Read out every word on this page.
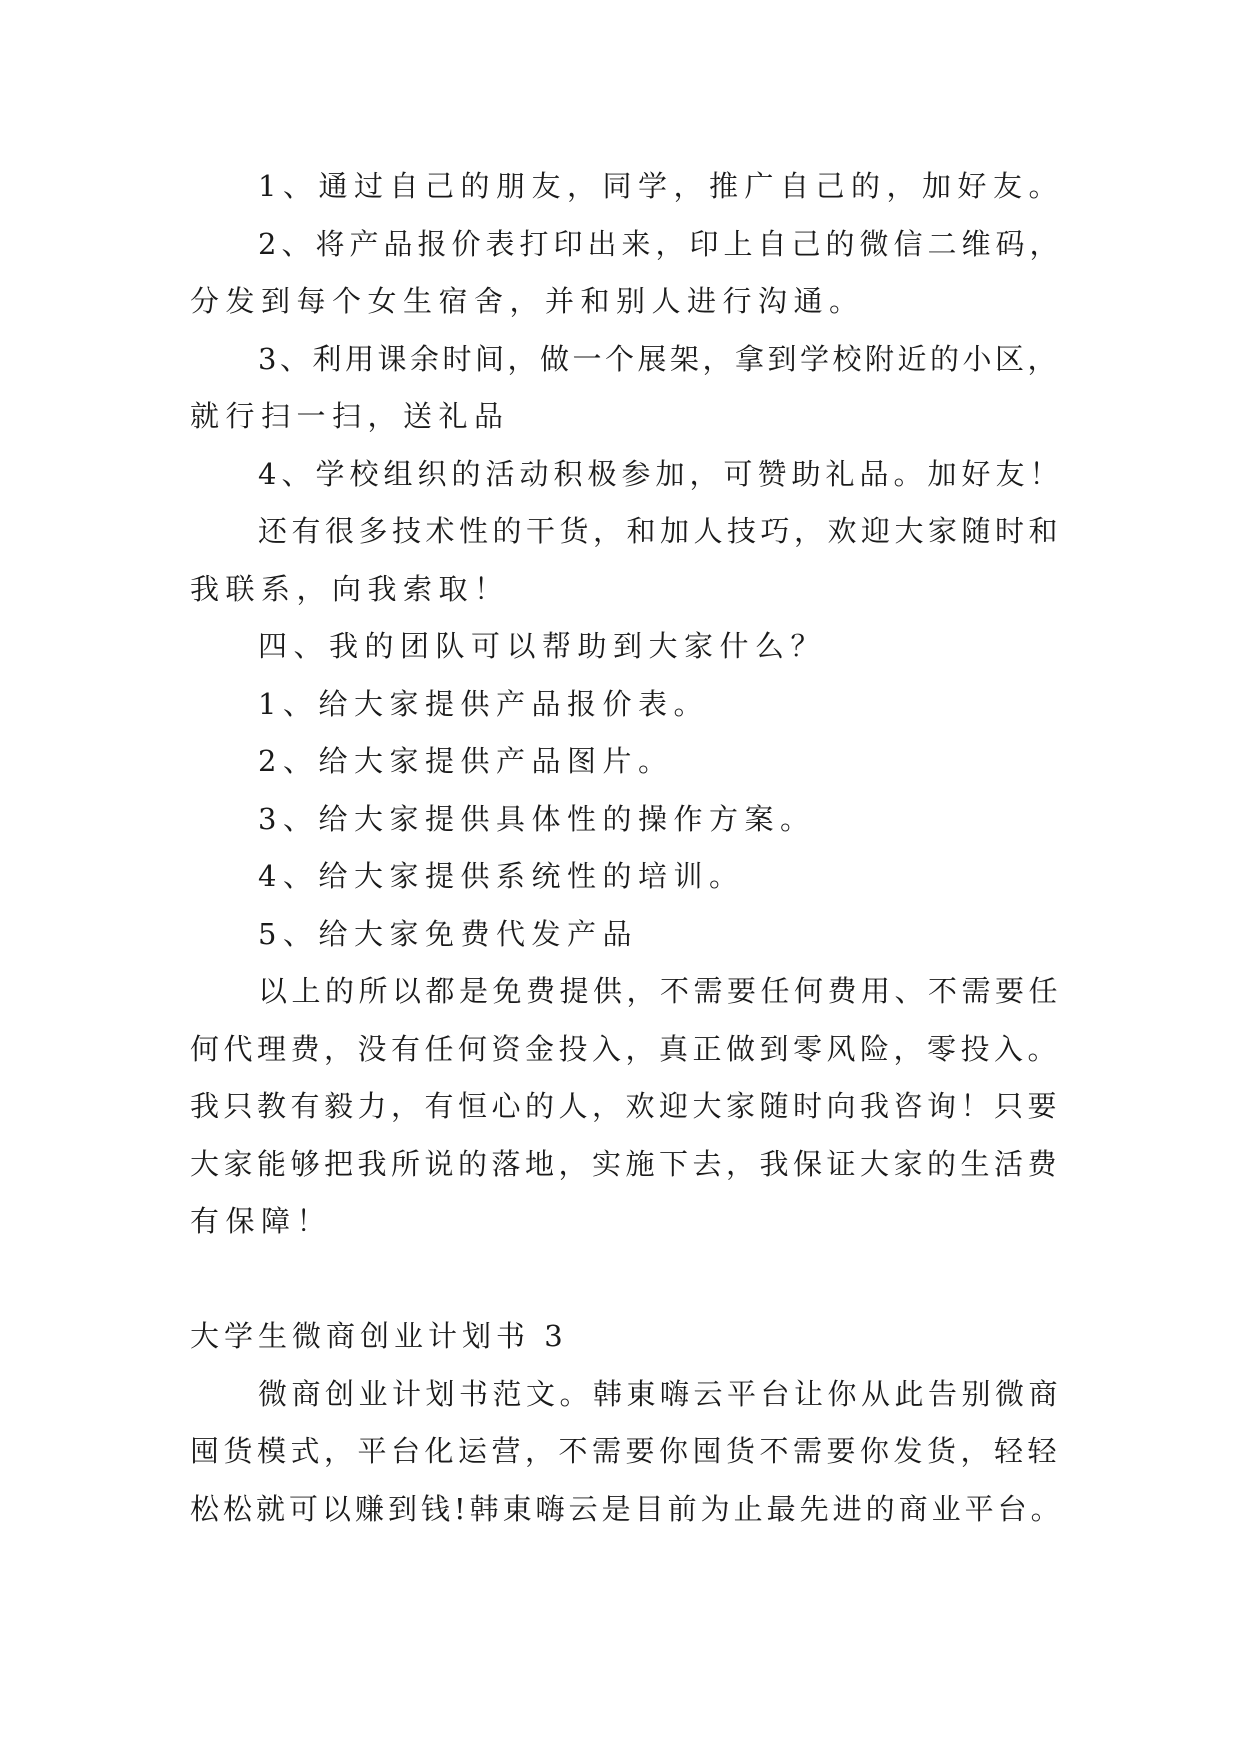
1、通过自己的朋友，同学，推广自己的，加好友。
2、将产品报价表打印出来，印上自己的微信二维码，
分发到每个女生宿舍，并和别人进行沟通。
3、利用课余时间，做一个展架，拿到学校附近的小区，
就行扫一扫，送礼品
4、学校组织的活动积极参加，可赞助礼品。加好友！
还有很多技术性的干货，和加人技巧，欢迎大家随时和
我联系，向我索取！
四、我的团队可以帮助到大家什么？
1、给大家提供产品报价表。
2、给大家提供产品图片。
3、给大家提供具体性的操作方案。
4、给大家提供系统性的培训。
5、给大家免费代发产品
以上的所以都是免费提供，不需要任何费用、不需要任
何代理费，没有任何资金投入，真正做到零风险，零投入。
我只教有毅力，有恒心的人，欢迎大家随时向我咨询！只要
大家能够把我所说的落地，实施下去，我保证大家的生活费
有保障！
大学生微商创业计划书 3
微商创业计划书范文。韩東嗨云平台让你从此告别微商
囤货模式，平台化运营，不需要你囤货不需要你发货，轻轻
松松就可以赚到钱!韩東嗨云是目前为止最先进的商业平台。
